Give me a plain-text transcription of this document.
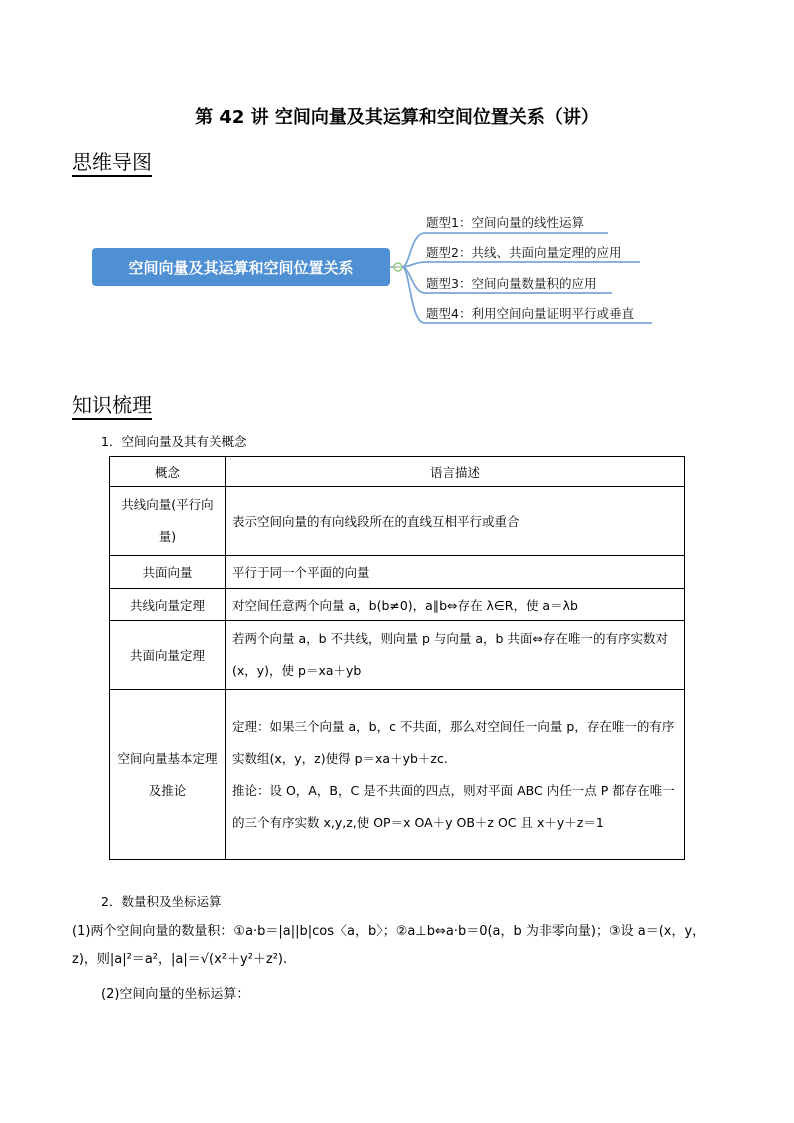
第 42 讲 空间向量及其运算和空间位置关系（讲）
思维导图
空间向量及其运算和空间位置关系
题型1：空间向量的线性运算
题型2：共线、共面向量定理的应用
题型3：空间向量数量积的应用
题型4：利用空间向量证明平行或垂直
知识梳理
1．空间向量及其有关概念
概念	语言描述
共线向量(平行向量)	表示空间向量的有向线段所在的直线互相平行或重合
共面向量	平行于同一个平面的向量
共线向量定理	对空间任意两个向量 a，b(b≠0)，a∥b⇔存在 λ∈R，使 a＝λb
共面向量定理	若两个向量 a，b 不共线，则向量 p 与向量 a，b 共面⇔存在唯一的有序实数对(x，y)，使 p＝xa＋yb
空间向量基本定理及推论	定理：如果三个向量 a，b，c 不共面，那么对空间任一向量 p，存在唯一的有序实数组(x，y，z)使得 p＝xa＋yb＋zc.
推论：设 O，A，B，C 是不共面的四点，则对平面 ABC 内任一点 P 都存在唯一的三个有序实数 x,y,z,使 OP＝x OA＋y OB＋z OC 且 x＋y＋z＝1
2．数量积及坐标运算
(1)两个空间向量的数量积：①a·b＝|a||b|cos〈a，b〉；②a⊥b⇔a·b＝0(a，b 为非零向量)；③设 a＝(x，y，z)，则|a|²＝a²，|a|＝√(x²＋y²＋z²).
(2)空间向量的坐标运算：
